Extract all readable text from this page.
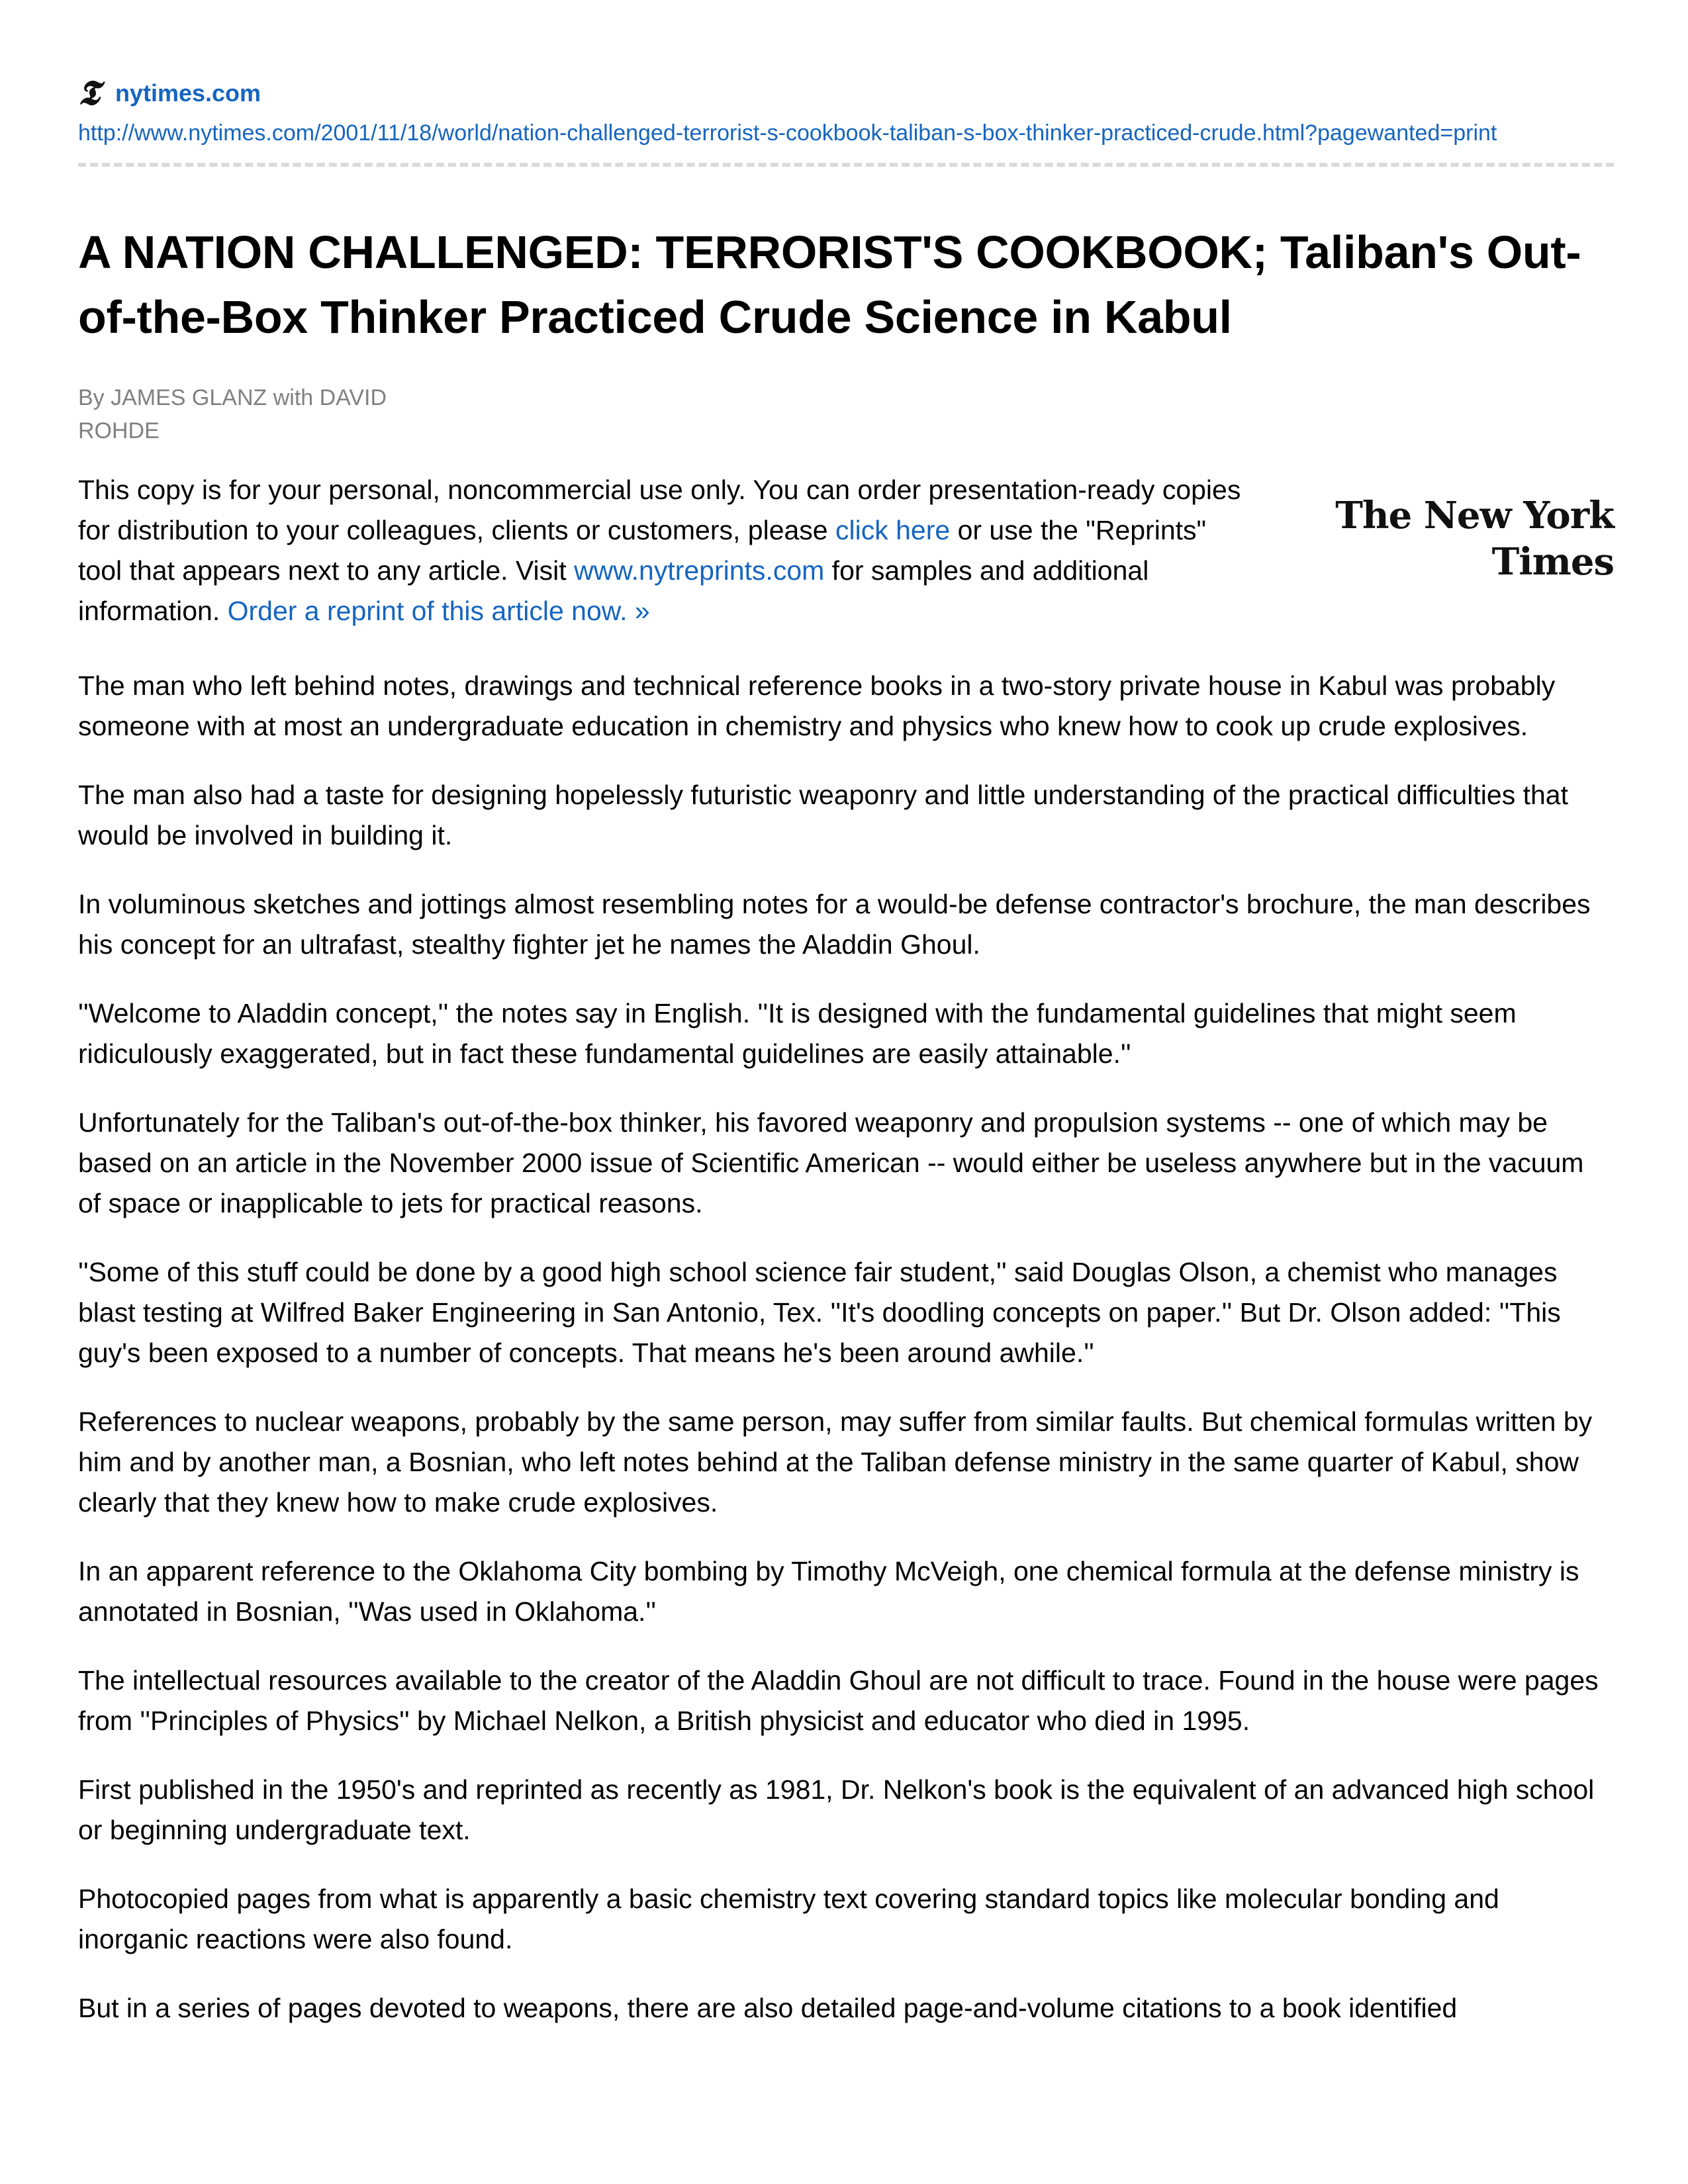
𝕿 nytimes.com
http://www.nytimes.com/2001/11/18/world/nation-challenged-terrorist-s-cookbook-taliban-s-box-thinker-practiced-crude.html?pagewanted=print
A NATION CHALLENGED: TERRORIST'S COOKBOOK; Taliban's Out-of-the-Box Thinker Practiced Crude Science in Kabul
By JAMES GLANZ with DAVID ROHDE
This copy is for your personal, noncommercial use only. You can order presentation-ready copies for distribution to your colleagues, clients or customers, please click here or use the "Reprints" tool that appears next to any article. Visit www.nytreprints.com for samples and additional information. Order a reprint of this article now. »
The New York Times

The man who left behind notes, drawings and technical reference books in a two-story private house in Kabul was probably someone with at most an undergraduate education in chemistry and physics who knew how to cook up crude explosives.

The man also had a taste for designing hopelessly futuristic weaponry and little understanding of the practical difficulties that would be involved in building it.

In voluminous sketches and jottings almost resembling notes for a would-be defense contractor's brochure, the man describes his concept for an ultrafast, stealthy fighter jet he names the Aladdin Ghoul.

''Welcome to Aladdin concept,'' the notes say in English. ''It is designed with the fundamental guidelines that might seem ridiculously exaggerated, but in fact these fundamental guidelines are easily attainable.''

Unfortunately for the Taliban's out-of-the-box thinker, his favored weaponry and propulsion systems -- one of which may be based on an article in the November 2000 issue of Scientific American -- would either be useless anywhere but in the vacuum of space or inapplicable to jets for practical reasons.

''Some of this stuff could be done by a good high school science fair student,'' said Douglas Olson, a chemist who manages blast testing at Wilfred Baker Engineering in San Antonio, Tex. ''It's doodling concepts on paper.'' But Dr. Olson added: ''This guy's been exposed to a number of concepts. That means he's been around awhile.''

References to nuclear weapons, probably by the same person, may suffer from similar faults. But chemical formulas written by him and by another man, a Bosnian, who left notes behind at the Taliban defense ministry in the same quarter of Kabul, show clearly that they knew how to make crude explosives.

In an apparent reference to the Oklahoma City bombing by Timothy McVeigh, one chemical formula at the defense ministry is annotated in Bosnian, ''Was used in Oklahoma.''

The intellectual resources available to the creator of the Aladdin Ghoul are not difficult to trace. Found in the house were pages from ''Principles of Physics'' by Michael Nelkon, a British physicist and educator who died in 1995.

First published in the 1950's and reprinted as recently as 1981, Dr. Nelkon's book is the equivalent of an advanced high school or beginning undergraduate text.

Photocopied pages from what is apparently a basic chemistry text covering standard topics like molecular bonding and inorganic reactions were also found.

But in a series of pages devoted to weapons, there are also detailed page-and-volume citations to a book identified
